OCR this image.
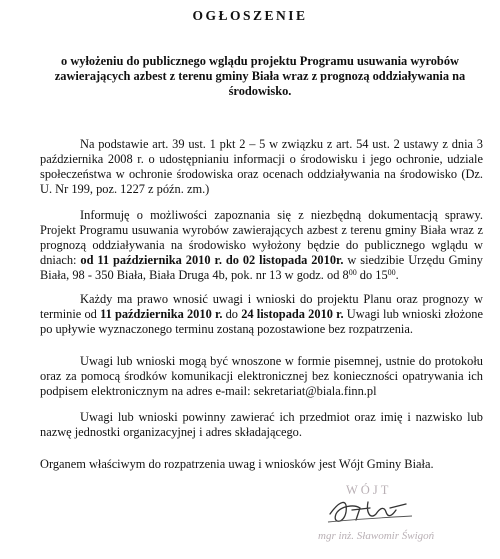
OGŁOSZENIE
o wyłożeniu do publicznego wglądu projektu Programu usuwania wyrobów zawierających azbest z terenu gminy Biała wraz z prognozą oddziaływania na środowisko.

Na podstawie art. 39 ust. 1 pkt 2 – 5 w związku z art. 54 ust. 2 ustawy z dnia 3 października 2008 r. o udostępnianiu informacji o środowisku i jego ochronie, udziale społeczeństwa w ochronie środowiska oraz ocenach oddziaływania na środowisko (Dz. U. Nr 199, poz. 1227 z późn. zm.)

Informuję o możliwości zapoznania się z niezbędną dokumentacją sprawy. Projekt Programu usuwania wyrobów zawierających azbest z terenu gminy Biała wraz z prognozą oddziaływania na środowisko wyłożony będzie do publicznego wglądu w dniach: od 11 października 2010 r. do 02 listopada 2010r. w siedzibie Urzędu Gminy Biała, 98 - 350 Biała, Biała Druga 4b, pok. nr 13 w godz. od $8^{00}$ do $15^{00}$.

Każdy ma prawo wnosić uwagi i wnioski do projektu Planu oraz prognozy w terminie od 11 października 2010 r. do 24 listopada 2010 r. Uwagi lub wnioski złożone po upływie wyznaczonego terminu zostaną pozostawione bez rozpatrzenia.

Uwagi lub wnioski mogą być wnoszone w formie pisemnej, ustnie do protokołu oraz za pomocą środków komunikacji elektronicznej bez konieczności opatrywania ich podpisem elektronicznym na adres e-mail: sekretariat@biala.finn.pl

Uwagi lub wnioski powinny zawierać ich przedmiot oraz imię i nazwisko lub nazwę jednostki organizacyjnej i adres składającego.

Organem właściwym do rozpatrzenia uwag i wniosków jest Wójt Gminy Biała.

WÓJT
mgr inż. Sławomir Świgoń
